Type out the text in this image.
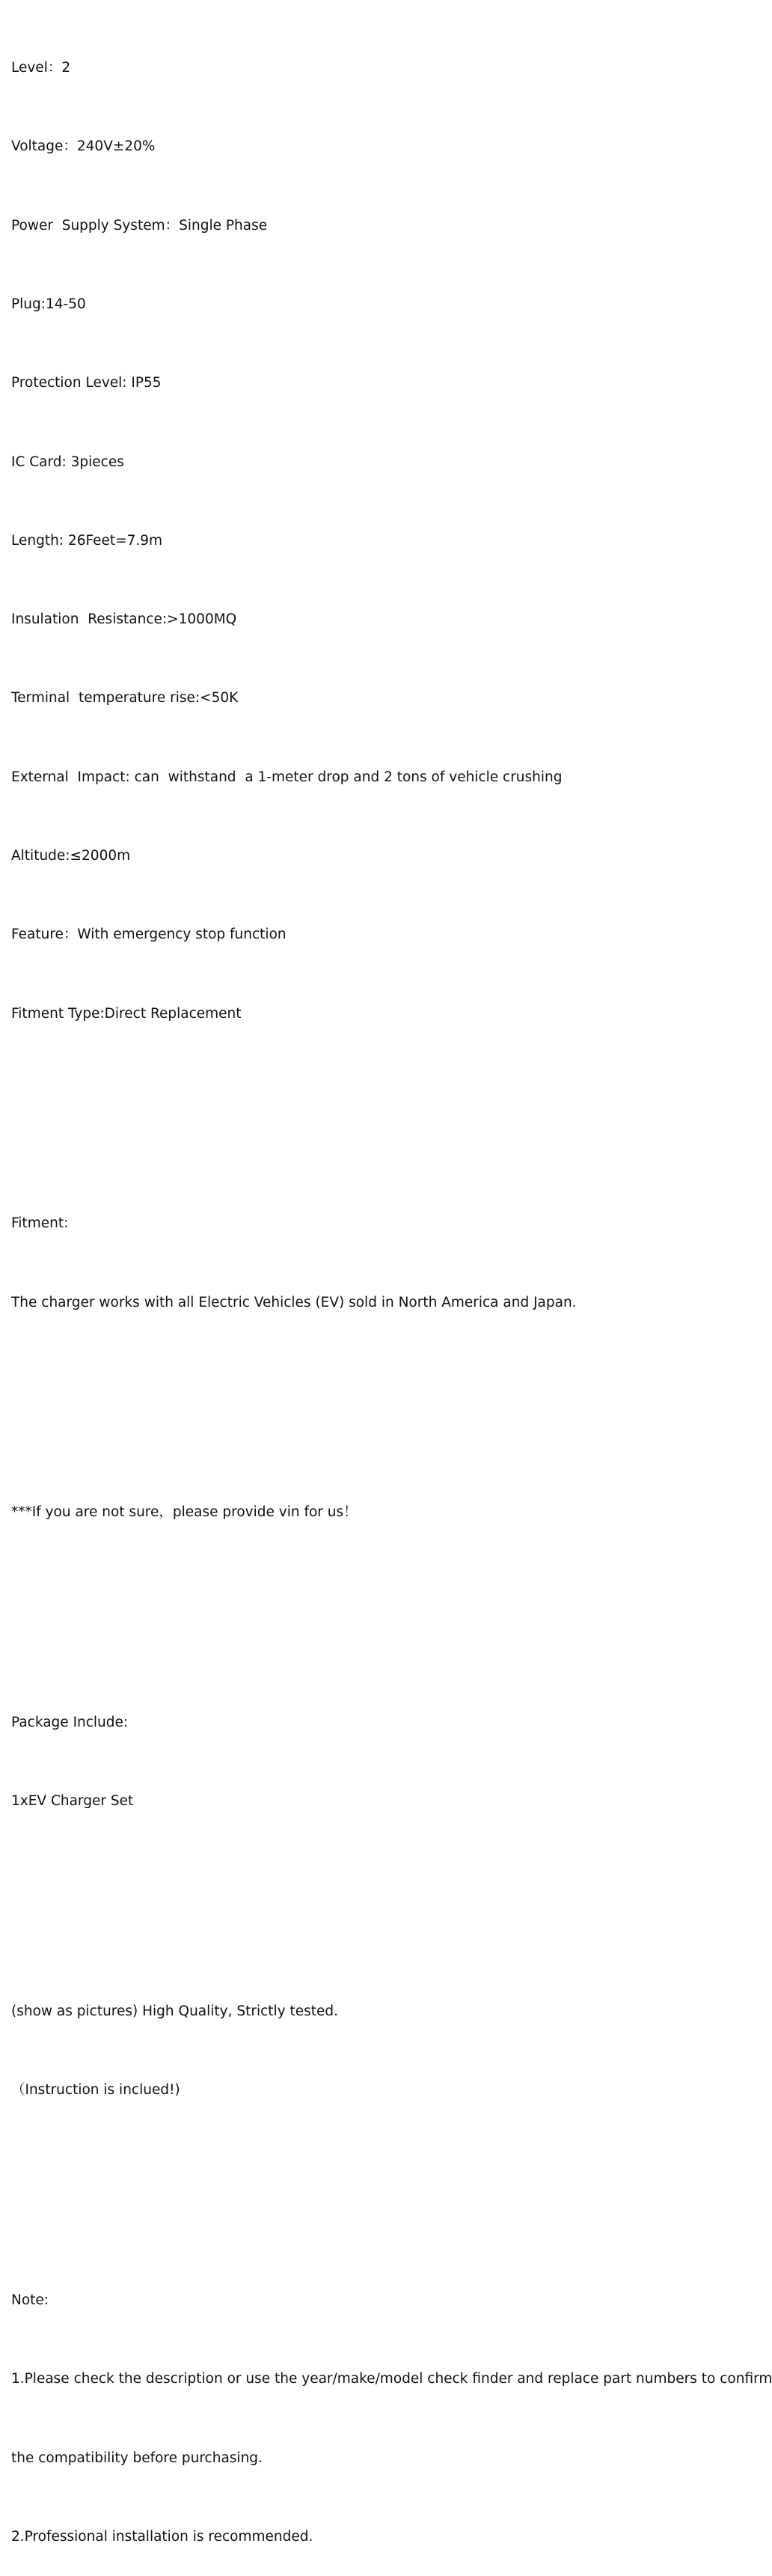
Level：2

Voltage：240V±20%

Power  Supply System：Single Phase

Plug:14-50

Protection Level: IP55

IC Card: 3pieces

Length: 26Feet=7.9m

Insulation  Resistance:>1000MQ

Terminal  temperature rise:<50K

External  Impact: can  withstand  a 1-meter drop and 2 tons of vehicle crushing

Altitude:≤2000m

Feature：With emergency stop function

Fitment Type:Direct Replacement

Fitment:

The charger works with all Electric Vehicles (EV) sold in North America and Japan.

***If you are not sure，please provide vin for us！

Package Include:

1xEV Charger Set

(show as pictures) High Quality, Strictly tested.

（Instruction is inclued!)

Note:

1.Please check the description or use the year/make/model check finder and replace part numbers to confirm

the compatibility before purchasing.

2.Professional installation is recommended.
